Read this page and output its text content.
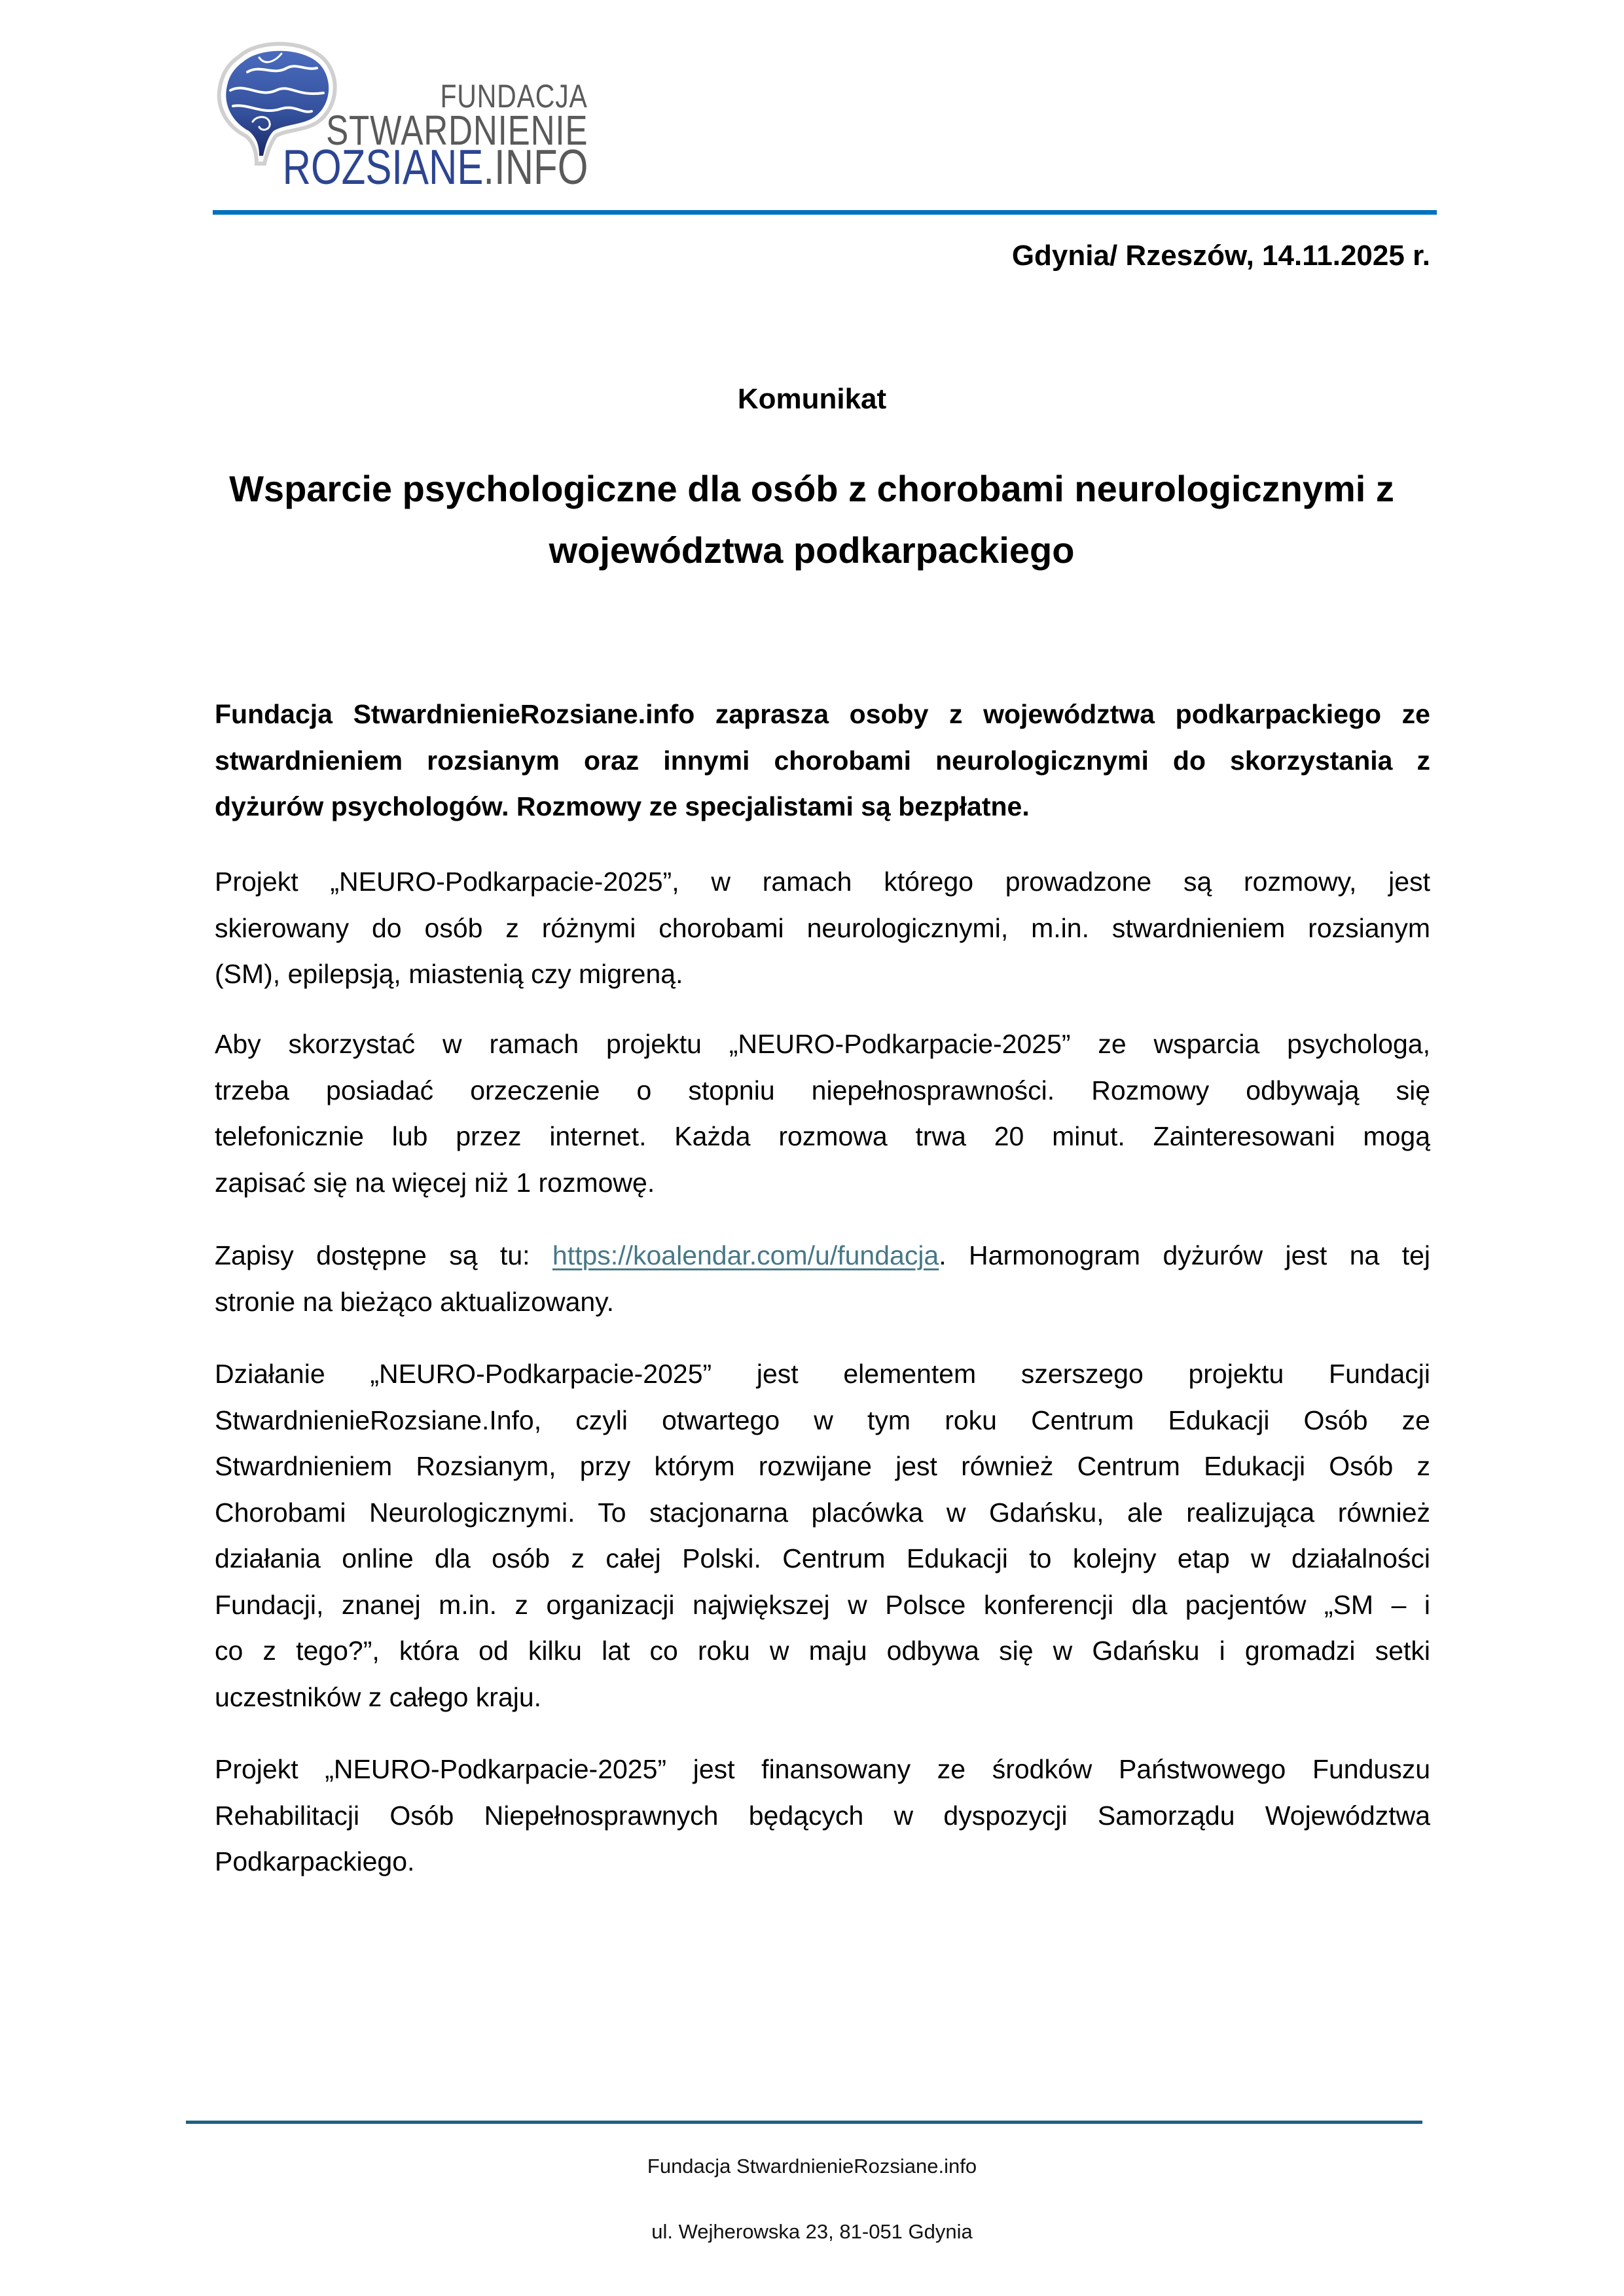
FUNDACJA
STWARDNIENIE
ROZSIANE.INFO
Gdynia/ Rzeszów, 14.11.2025 r.
Komunikat
Wsparcie psychologiczne dla osób z chorobami neurologicznymi z
województwa podkarpackiego
Fundacja StwardnienieRozsiane.info zaprasza osoby z województwa podkarpackiego ze
stwardnieniem rozsianym oraz innymi chorobami neurologicznymi do skorzystania z
dyżurów psychologów. Rozmowy ze specjalistami są bezpłatne.
Projekt „NEURO-Podkarpacie-2025”, w ramach którego prowadzone są rozmowy, jest
skierowany do osób z różnymi chorobami neurologicznymi, m.in. stwardnieniem rozsianym
(SM), epilepsją, miastenią czy migreną.
Aby skorzystać w ramach projektu „NEURO-Podkarpacie-2025” ze wsparcia psychologa,
trzeba posiadać orzeczenie o stopniu niepełnosprawności. Rozmowy odbywają się
telefonicznie lub przez internet. Każda rozmowa trwa 20 minut. Zainteresowani mogą
zapisać się na więcej niż 1 rozmowę.
Zapisy dostępne są tu: https://koalendar.com/u/fundacja. Harmonogram dyżurów jest na tej
stronie na bieżąco aktualizowany.
Działanie „NEURO-Podkarpacie-2025” jest elementem szerszego projektu Fundacji
StwardnienieRozsiane.Info, czyli otwartego w tym roku Centrum Edukacji Osób ze
Stwardnieniem Rozsianym, przy którym rozwijane jest również Centrum Edukacji Osób z
Chorobami Neurologicznymi. To stacjonarna placówka w Gdańsku, ale realizująca również
działania online dla osób z całej Polski. Centrum Edukacji to kolejny etap w działalności
Fundacji, znanej m.in. z organizacji największej w Polsce konferencji dla pacjentów „SM – i
co z tego?”, która od kilku lat co roku w maju odbywa się w Gdańsku i gromadzi setki
uczestników z całego kraju.
Projekt „NEURO-Podkarpacie-2025” jest finansowany ze środków Państwowego Funduszu
Rehabilitacji Osób Niepełnosprawnych będących w dyspozycji Samorządu Województwa
Podkarpackiego.
Fundacja StwardnienieRozsiane.info
ul. Wejherowska 23, 81-051 Gdynia
